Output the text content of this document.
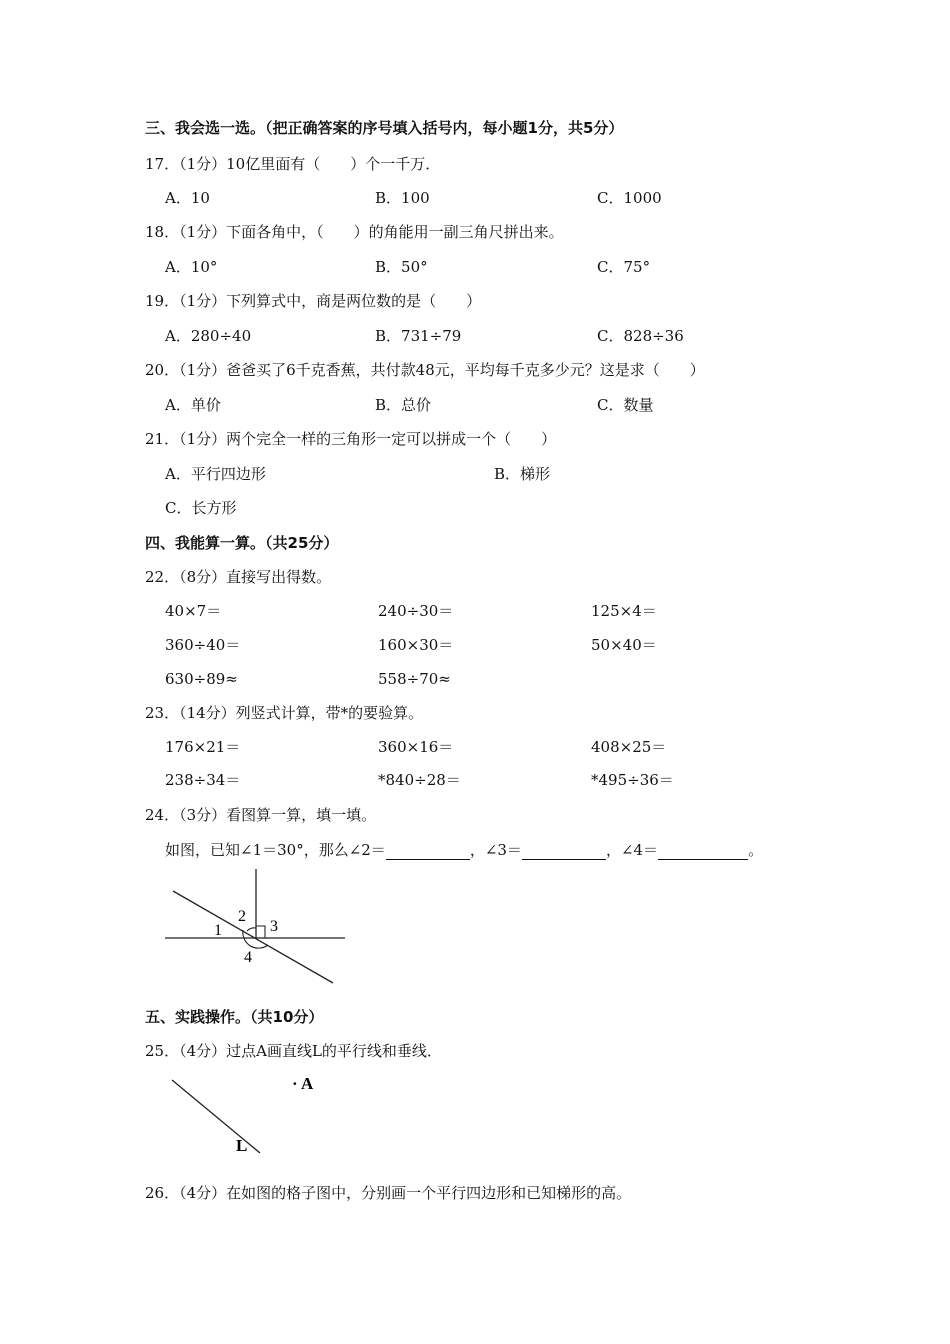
三、我会选一选。（把正确答案的序号填入括号内，每小题1分，共5分）
17．（1分）10亿里面有（　　）个一千万．
A．10	B．100	C．1000
18．（1分）下面各角中，（　　）的角能用一副三角尺拼出来。
A．10°	B．50°	C．75°
19．（1分）下列算式中，商是两位数的是（　　）
A．280÷40	B．731÷79	C．828÷36
20．（1分）爸爸买了6千克香蕉，共付款48元，平均每千克多少元？这是求（　　）
A．单价	B．总价	C．数量
21．（1分）两个完全一样的三角形一定可以拼成一个（　　）
A．平行四边形	B．梯形
C．长方形
四、我能算一算。（共25分）
22．（8分）直接写出得数。
40×7＝	240÷30＝	125×4＝
360÷40＝	160×30＝	50×40＝
630÷89≈	558÷70≈
23．（14分）列竖式计算，带*的要验算。
176×21＝	360×16＝	408×25＝
238÷34＝	*840÷28＝	*495÷36＝
24．（3分）看图算一算，填一填。
如图，已知∠1＝30°，那么∠2＝	，∠3＝	，∠4＝	。
1
2
3
4
五、实践操作。（共10分）
25．（4分）过点A画直线L的平行线和垂线．
· A
L
26．（4分）在如图的格子图中，分别画一个平行四边形和已知梯形的高。
